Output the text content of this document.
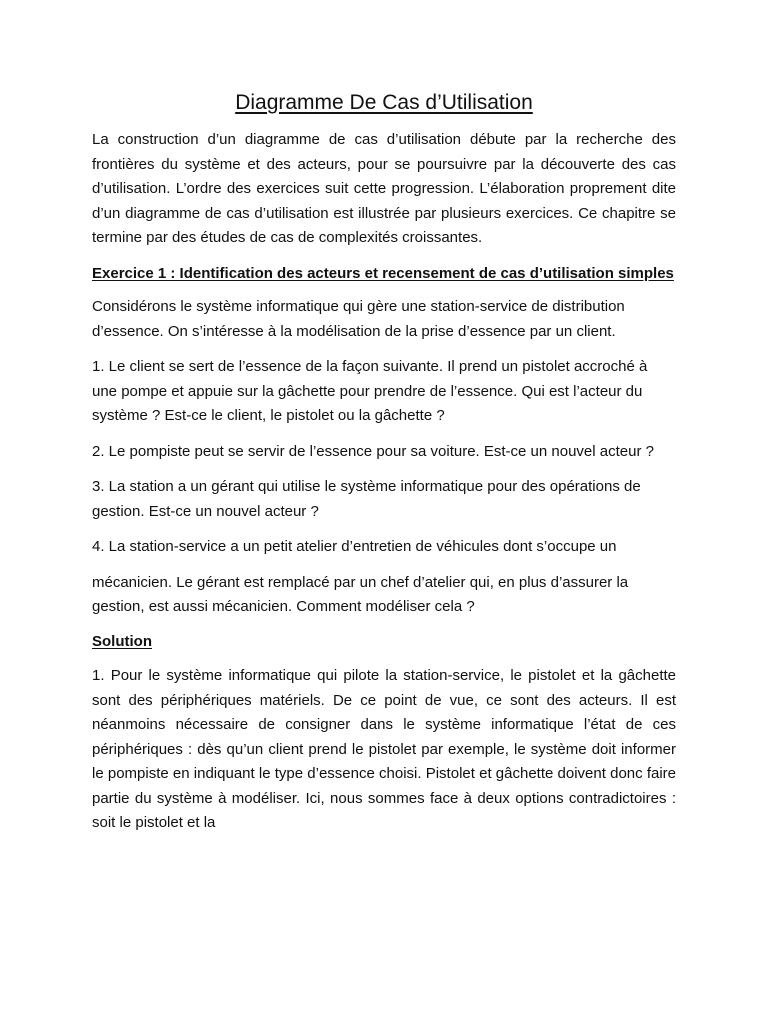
Diagramme De Cas d’Utilisation

La construction d’un diagramme de cas d’utilisation débute par la recherche des frontières du système et des acteurs, pour se poursuivre par la découverte des cas d’utilisation. L’ordre des exercices suit cette progression. L’élaboration proprement dite d’un diagramme de cas d’utilisation est illustrée par plusieurs exercices. Ce chapitre se termine par des études de cas de complexités croissantes.

Exercice 1 : Identification des acteurs et recensement de cas d’utilisation simples

Considérons le système informatique qui gère une station-service de distribution d’essence. On s’intéresse à la modélisation de la prise d’essence par un client.

1. Le client se sert de l’essence de la façon suivante. Il prend un pistolet accroché à une pompe et appuie sur la gâchette pour prendre de l’essence. Qui est l’acteur du système ? Est-ce le client, le pistolet ou la gâchette ?

2. Le pompiste peut se servir de l’essence pour sa voiture. Est-ce un nouvel acteur ?

3. La station a un gérant qui utilise le système informatique pour des opérations de gestion. Est-ce un nouvel acteur ?

4. La station-service a un petit atelier d’entretien de véhicules dont s’occupe un

mécanicien. Le gérant est remplacé par un chef d’atelier qui, en plus d’assurer la gestion, est aussi mécanicien. Comment modéliser cela ?

Solution

1. Pour le système informatique qui pilote la station-service, le pistolet et la gâchette sont des périphériques matériels. De ce point de vue, ce sont des acteurs. Il est néanmoins nécessaire de consigner dans le système informatique l’état de ces périphériques : dès qu’un client prend le pistolet par exemple, le système doit informer le pompiste en indiquant le type d’essence choisi. Pistolet et gâchette doivent donc faire partie du système à modéliser. Ici, nous sommes face à deux options contradictoires : soit le pistolet et la
